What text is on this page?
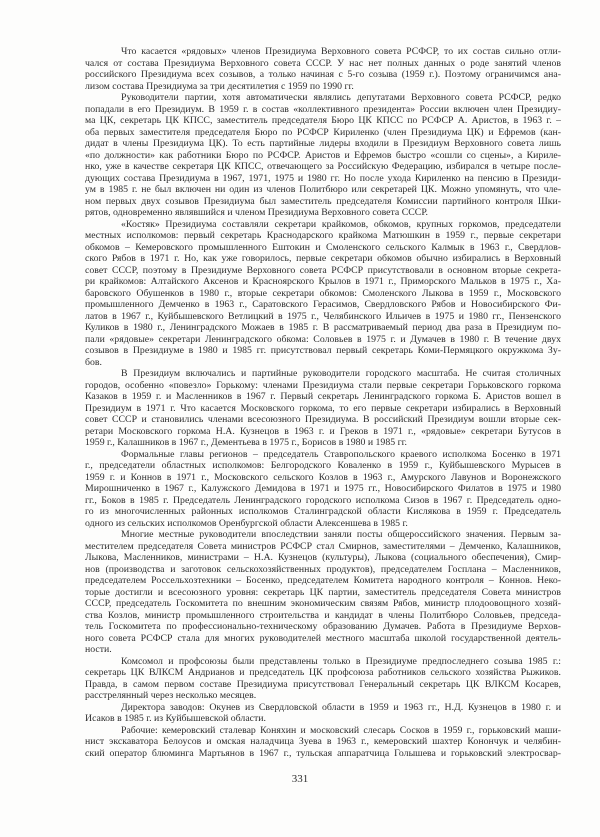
Что касается «рядовых» членов Президиума Верховного совета РСФСР, то их состав сильно отли-
чался от состава Президиума Верховного совета СССР. У нас нет полных данных о роде занятий членов
российского Президиума всех созывов, а только начиная с 5-го созыва (1959 г.). Поэтому ограничимся ана-
лизом состава Президиума за три десятилетия с 1959 по 1990 гг.
Руководители партии, хотя автоматически являлись депутатами Верховного совета РСФСР, редко
попадали в его Президиум. В 1959 г. в состав «коллективного президента» России включен член Президиу-
ма ЦК, секретарь ЦК КПСС, заместитель председателя Бюро ЦК КПСС по РСФСР А. Аристов, в 1963 г. –
оба первых заместителя председателя Бюро по РСФСР Кириленко (член Президиума ЦК) и Ефремов (кан-
дидат в члены Президиума ЦК). То есть партийные лидеры входили в Президиум Верховного совета лишь
«по должности» как работники Бюро по РСФСР. Аристов и Ефремов быстро «сошли со сцены», а Кириле-
нко, уже в качестве секретаря ЦК КПСС, отвечающего за Российскую Федерацию, избирался в четыре после-
дующих состава Президиума в 1967, 1971, 1975 и 1980 гг. Но после ухода Кириленко на пенсию в Президи-
ум в 1985 г. не был включен ни один из членов Политбюро или секретарей ЦК. Можно упомянуть, что чле-
ном первых двух созывов Президиума был заместитель председателя Комиссии партийного контроля Шки-
рятов, одновременно являвшийся и членом Президиума Верховного совета СССР.
«Костяк» Президиума составляли секретари крайкомов, обкомов, крупных горкомов, председатели
местных исполкомов: первый секретарь Краснодарского крайкома Матюшкин в 1959 г., первые секретари
обкомов – Кемеровского промышленного Ештокин и Смоленского сельского Калмык в 1963 г., Свердлов-
ского Рябов в 1971 г. Но, как уже говорилось, первые секретари обкомов обычно избирались в Верховный
совет СССР, поэтому в Президиуме Верховного совета РСФСР присутствовали в основном вторые секрета-
ри крайкомов: Алтайского Аксенов и Красноярского Крылов в 1971 г., Приморского Мальков в 1975 г., Ха-
баровского Обушенков в 1980 г., вторые секретари обкомов: Смоленского Лыкова в 1959 г., Московского
промышленного Демченко в 1963 г., Саратовского Герасимов, Свердловского Рябов и Новосибирского Фи-
латов в 1967 г., Куйбышевского Ветлицкий в 1975 г., Челябинского Ильичев в 1975 и 1980 гг., Пензенского
Куликов в 1980 г., Ленинградского Можаев в 1985 г. В рассматриваемый период два раза в Президиум по-
пали «рядовые» секретари Ленинградского обкома: Соловьев в 1975 г. и Думачев в 1980 г. В течение двух
созывов в Президиуме в 1980 и 1985 гг. присутствовал первый секретарь Коми-Пермяцкого окружкома Зу-
бов.
В Президиум включались и партийные руководители городского масштаба. Не считая столичных
городов, особенно «повезло» Горькому: членами Президиума стали первые секретари Горьковского горкома
Казаков в 1959 г. и Масленников в 1967 г. Первый секретарь Ленинградского горкома Б. Аристов вошел в
Президиум в 1971 г. Что касается Московского горкома, то его первые секретари избирались в Верховный
совет СССР и становились членами всесоюзного Президиума. В российский Президиум вошли вторые сек-
ретари Московского горкома Н.А. Кузнецов в 1963 г. и Греков в 1971 г., «рядовые» секретари Бутусов в
1959 г., Калашников в 1967 г., Дементьева в 1975 г., Борисов в 1980 и 1985 гг.
Формальные главы регионов – председатель Ставропольского краевого исполкома Босенко в 1971
г., председатели областных исполкомов: Белгородского Коваленко в 1959 г., Куйбышевского Мурысев в
1959 г. и Коннов в 1971 г., Московского сельского Козлов в 1963 г., Амурского Лавунов и Воронежского
Мирошниченко в 1967 г., Калужского Демидова в 1971 и 1975 гг., Новосибирского Филатов в 1975 и 1980
гг., Боков в 1985 г. Председатель Ленинградского городского исполкома Сизов в 1967 г. Председатель одно-
го из многочисленных районных исполкомов Сталинградской области Кислякова в 1959 г. Председатель
одного из сельских исполкомов Оренбургской области Алексеншева в 1985 г.
Многие местные руководители впоследствии заняли посты общероссийского значения. Первым за-
местителем председателя Совета министров РСФСР стал Смирнов, заместителями – Демченко, Калашников,
Лыкова, Масленников, министрами – Н.А. Кузнецов (культуры), Лыкова (социального обеспечения), Смир-
нов (производства и заготовок сельскохозяйственных продуктов), председателем Госплана – Масленников,
председателем Россельхозтехники – Босенко, председателем Комитета народного контроля – Коннов. Неко-
торые достигли и всесоюзного уровня: секретарь ЦК партии, заместитель председателя Совета министров
СССР, председатель Госкомитета по внешним экономическим связям Рябов, министр плодоовощного хозяй-
ства Козлов, министр промышленного строительства и кандидат в члены Политбюро Соловьев, председа-
тель Госкомитета по профессионально-техническому образованию Думачев. Работа в Президиуме Верхов-
ного совета РСФСР стала для многих руководителей местного масштаба школой государственной деятель-
ности.
Комсомол и профсоюзы были представлены только в Президиуме предпоследнего созыва 1985 г.:
секретарь ЦК ВЛКСМ Андрианов и председатель ЦК профсоюза работников сельского хозяйства Рыжиков.
Правда, в самом первом составе Президиума присутствовал Генеральный секретарь ЦК ВЛКСМ Косарев,
расстрелянный через несколько месяцев.
Директора заводов: Окунев из Свердловской области в 1959 и 1963 гг., Н.Д. Кузнецов в 1980 г. и
Исаков в 1985 г. из Куйбышевской области.
Рабочие: кемеровский сталевар Коняхин и московский слесарь Сосков в 1959 г., горьковский маши-
нист экскаватора Белоусов и омская наладчица Зуева в 1963 г., кемеровский шахтер Конончук и челябин-
ский оператор блюминга Мартьянов в 1967 г., тульская аппаратчица Голышева и горьковский электросвар-
331
